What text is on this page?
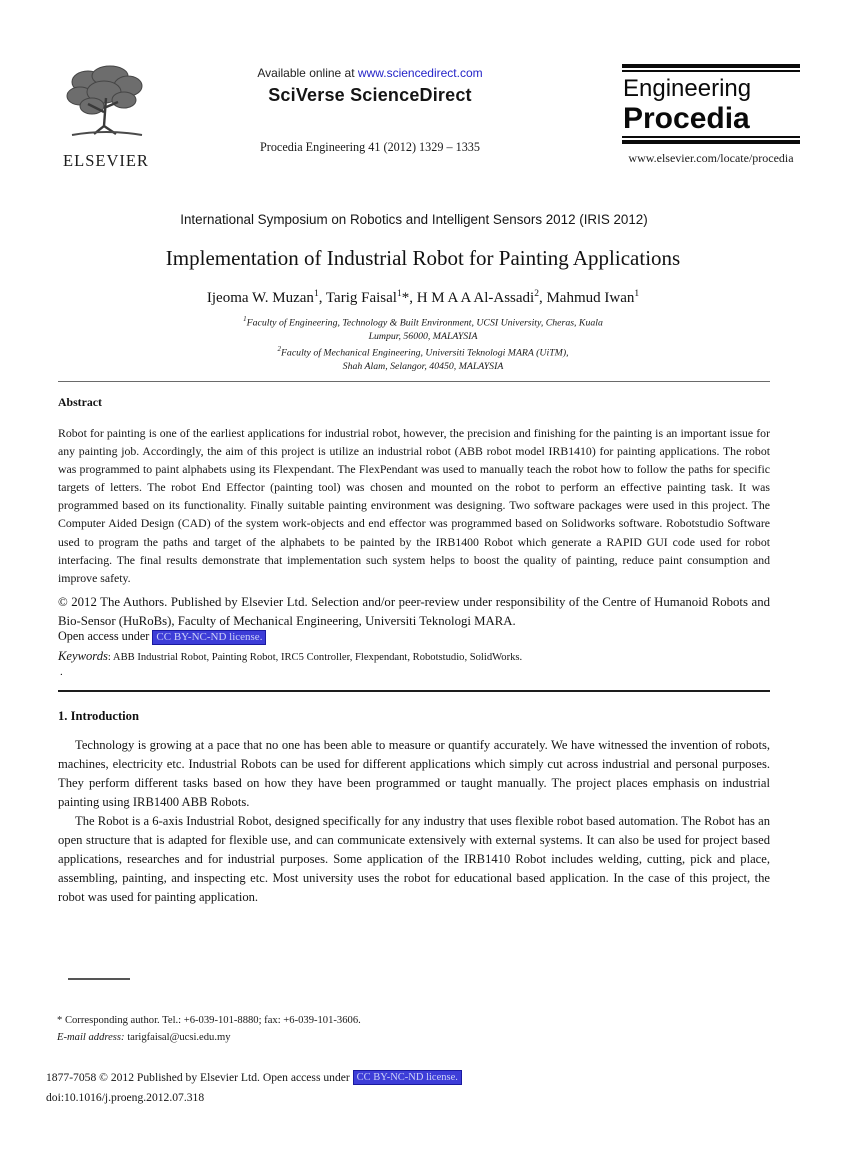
ELSEVIER
Available online at www.sciencedirect.com
SciVerse ScienceDirect
Procedia Engineering 41 (2012) 1329 – 1335
Engineering
Procedia
www.elsevier.com/locate/procedia
International Symposium on Robotics and Intelligent Sensors 2012 (IRIS 2012)
Implementation of Industrial Robot for Painting Applications
Ijeoma W. Muzan$^1$, Tarig Faisal$^1$*, H M A A Al-Assadi$^2$, Mahmud Iwan$^1$
$^1$Faculty of Engineering, Technology & Built Environment, UCSI University, Cheras, Kuala
Lumpur, 56000, MALAYSIA
$^2$Faculty of Mechanical Engineering, Universiti Teknologi MARA (UiTM),
Shah Alam, Selangor, 40450, MALAYSIA
Abstract
Robot for painting is one of the earliest applications for industrial robot, however, the precision and finishing for the painting is an important issue for any painting job. Accordingly, the aim of this project is utilize an industrial robot (ABB robot model IRB1410) for painting applications. The robot was programmed to paint alphabets using its Flexpendant. The FlexPendant was used to manually teach the robot how to follow the paths for specific targets of letters. The robot End Effector (painting tool) was chosen and mounted on the robot to perform an effective painting task. It was programmed based on its functionality. Finally suitable painting environment was designing. Two software packages were used in this project. The Computer Aided Design (CAD) of the system work-objects and end effector was programmed based on Solidworks software. Robotstudio Software used to program the paths and target of the alphabets to be painted by the IRB1400 Robot which generate a RAPID GUI code used for robot interfacing. The final results demonstrate that implementation such system helps to boost the quality of painting, reduce paint consumption and improve safety.
© 2012 The Authors. Published by Elsevier Ltd. Selection and/or peer-review under responsibility of the Centre of Humanoid Robots and Bio-Sensor (HuRoBs), Faculty of Mechanical Engineering, Universiti Teknologi MARA.
Open access under CC BY-NC-ND license.
Keywords: ABB Industrial Robot, Painting Robot, IRC5 Controller, Flexpendant, Robotstudio, SolidWorks.
.
1. Introduction

Technology is growing at a pace that no one has been able to measure or quantify accurately. We have witnessed the invention of robots, machines, electricity etc. Industrial Robots can be used for different applications which simply cut across industrial and personal purposes. They perform different tasks based on how they have been programmed or taught manually. The project places emphasis on industrial painting using IRB1400 ABB Robots.

The Robot is a 6-axis Industrial Robot, designed specifically for any industry that uses flexible robot based automation. The Robot has an open structure that is adapted for flexible use, and can communicate extensively with external systems. It can also be used for project based applications, researches and for industrial purposes. Some application of the IRB1410 Robot includes welding, cutting, pick and place, assembling, painting, and inspecting etc. Most university uses the robot for educational based application. In the case of this project, the robot was used for painting application.

* Corresponding author. Tel.: +6-039-101-8880; fax: +6-039-101-3606.
E-mail address: tarigfaisal@ucsi.edu.my
1877-7058 © 2012 Published by Elsevier Ltd. Open access under CC BY-NC-ND license.
doi:10.1016/j.proeng.2012.07.318
